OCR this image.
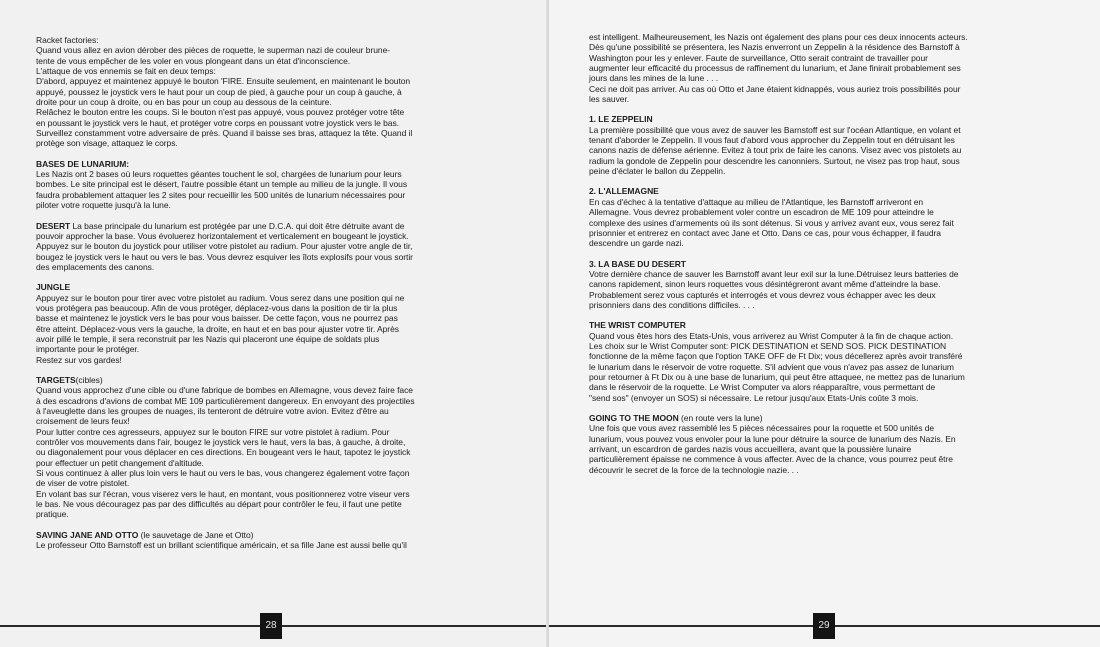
Racket factories:
Quand vous allez en avion dérober des pièces de roquette, le superman nazi de couleur brune-
tente de vous empêcher de les voler en vous plongeant dans un état d'inconscience.
L'attaque de vos ennemis se fait en deux temps:
D'abord, appuyez et maintenez appuyé le bouton 'FIRE. Ensuite seulement, en maintenant le bouton
appuyé, poussez le joystick vers le haut pour un coup de pied, à gauche pour un coup à gauche, à
droite pour un coup à droite, ou en bas pour un coup au dessous de la ceinture.
Relâchez le bouton entre les coups. Si le bouton n'est pas appuyé, vous pouvez protéger votre tête
en poussant le joystick vers le haut, et protéger votre corps en poussant votre joystick vers le bas.
Surveillez constamment votre adversaire de près. Quand il baisse ses bras, attaquez la tête. Quand il
protège son visage, attaquez le corps.

BASES DE LUNARIUM:
Les Nazis ont 2 bases où leurs roquettes géantes touchent le sol, chargées de lunarium pour leurs
bombes. Le site principal est le désert, l'autre possible étant un temple au milieu de la jungle. Il vous
faudra probablement attaquer les 2 sites pour recueillir les 500 unités de lunarium nécessaires pour
piloter votre roquette jusqu'à la lune.

DESERT La base principale du lunarium est protégée par une D.C.A. qui doit être détruite avant de
pouvoir approcher la base. Vous évoluerez horizontalement et verticalement en bougeant le joystick.
Appuyez sur le bouton du joystick pour utiliser votre pistolet au radium. Pour ajuster votre angle de tir,
bougez le joystick vers le haut ou vers le bas. Vous devrez esquiver les îlots explosifs pour vous sortir
des emplacements des canons.

JUNGLE
Appuyez sur le bouton pour tirer avec votre pistolet au radium. Vous serez dans une position qui ne
vous protégera pas beaucoup. Afin de vous protéger, déplacez-vous dans la position de tir la plus
basse et maintenez le joystick vers le bas pour vous baisser. De cette façon, vous ne pourrez pas
être atteint. Déplacez-vous vers la gauche, la droite, en haut et en bas pour ajuster votre tir. Après
avoir pillé le temple, il sera reconstruit par les Nazis qui placeront une équipe de soldats plus
importante pour le protéger.
Restez sur vos gardes!

TARGETS(cibles)
Quand vous approchez d'une cible ou d'une fabrique de bombes en Allemagne, vous devez faire face
à des escadrons d'avions de combat ME 109 particulièrement dangereux. En envoyant des projectiles
à l'aveuglette dans les groupes de nuages, ils tenteront de détruire votre avion. Evitez d'être au
croisement de leurs feux!
Pour lutter contre ces agresseurs, appuyez sur le bouton FIRE sur votre pistolet à radium. Pour
contrôler vos mouvements dans l'air, bougez le joystick vers le haut, vers la bas, à gauche, à droite,
ou diagonalement pour vous déplacer en ces directions. En bougeant vers le haut, tapotez le joystick
pour effectuer un petit changement d'altitude.
Si vous continuez à aller plus loin vers le haut ou vers le bas, vous changerez également votre façon
de viser de votre pistolet.
En volant bas sur l'écran, vous viserez vers le haut, en montant, vous positionnerez votre viseur vers
le bas. Ne vous découragez pas par des difficultés au départ pour contrôler le feu, il faut une petite
pratique.

SAVING JANE AND OTTO (le sauvetage de Jane et Otto)
Le professeur Otto Barnstoff est un brillant scientifique américain, et sa fille Jane est aussi belle qu'il

28

est intelligent. Malheureusement, les Nazis ont également des plans pour ces deux innocents acteurs.
Dès qu'une possibilité se présentera, les Nazis enverront un Zeppelin à la résidence des Barnstoff à
Washington pour les y enlever. Faute de surveillance, Otto serait contraint de travailler pour
augmenter leur efficacité du processus de raffinement du lunarium, et Jane finirait probablement ses
jours dans les mines de la lune . . .
Ceci ne doit pas arriver. Au cas où Otto et Jane étaient kidnappés, vous auriez trois possibilités pour
les sauver.

1. LE ZEPPELIN
La première possibilité que vous avez de sauver les Barnstoff est sur l'océan Atlantique, en volant et
tenant d'aborder le Zeppelin. Il vous faut d'abord vous approcher du Zeppelin tout en détruisant les
canons nazis de défense aérienne. Evitez à tout prix de faire les canons. Visez avec vos pistolets au
radium la gondole de Zeppelin pour descendre les canonniers. Surtout, ne visez pas trop haut, sous
peine d'éclater le ballon du Zeppelin.

2. L'ALLEMAGNE
En cas d'échec à la tentative d'attaque au milieu de l'Atlantique, les Barnstoff arriveront en
Allemagne. Vous devrez probablement voler contre un escadron de ME 109 pour atteindre le
complexe des usines d'armements où ils sont détenus. Si vous y arrivez avant eux, vous serez fait
prisonnier et entrerez en contact avec Jane et Otto. Dans ce cas, pour vous échapper, il faudra
descendre un garde nazi.

3. LA BASE DU DESERT
Votre dernière chance de sauver les Barnstoff avant leur exil sur la lune.Détruisez leurs batteries de
canons rapidement, sinon leurs roquettes vous désintégreront avant même d'atteindre la base.
Probablement serez vous capturés et interrogés et vous devrez vous échapper avec les deux
prisonniers dans des conditions difficiles. . . .

THE WRIST COMPUTER
Quand vous êtes hors des Etats-Unis, vous arriverez au Wrist Computer à la fin de chaque action.
Les choix sur le Wrist Computer sont: PICK DESTINATION et SEND SOS. PICK DESTINATION
fonctionne de la même façon que l'option TAKE OFF de Ft Dix; vous décellerez après avoir transféré
le lunarium dans le réservoir de votre roquette. S'il advient que vous n'avez pas assez de lunarium
pour retourner à Ft Dix ou à une base de lunarium, qui peut être attaquee, ne mettez pas de lunarium
dans le réservoir de la roquette. Le Wrist Computer va alors réapparaître, vous permettant de
"send sos" (envoyer un SOS) si nécessaire. Le retour jusqu'aux Etats-Unis coûte 3 mois.

GOING TO THE MOON (en route vers la lune)
Une fois que vous avez rassemblé les 5 pièces nécessaires pour la roquette et 500 unités de
lunarium, vous pouvez vous envoler pour la lune pour détruire la source de lunarium des Nazis. En
arrivant, un escardron de gardes nazis vous accueillera, avant que la poussière lunaire
particulièrement épaisse ne commence à vous affecter. Avec de la chance, vous pourrez peut être
découvrir le secret de la force de la technologie nazie. . .

29
